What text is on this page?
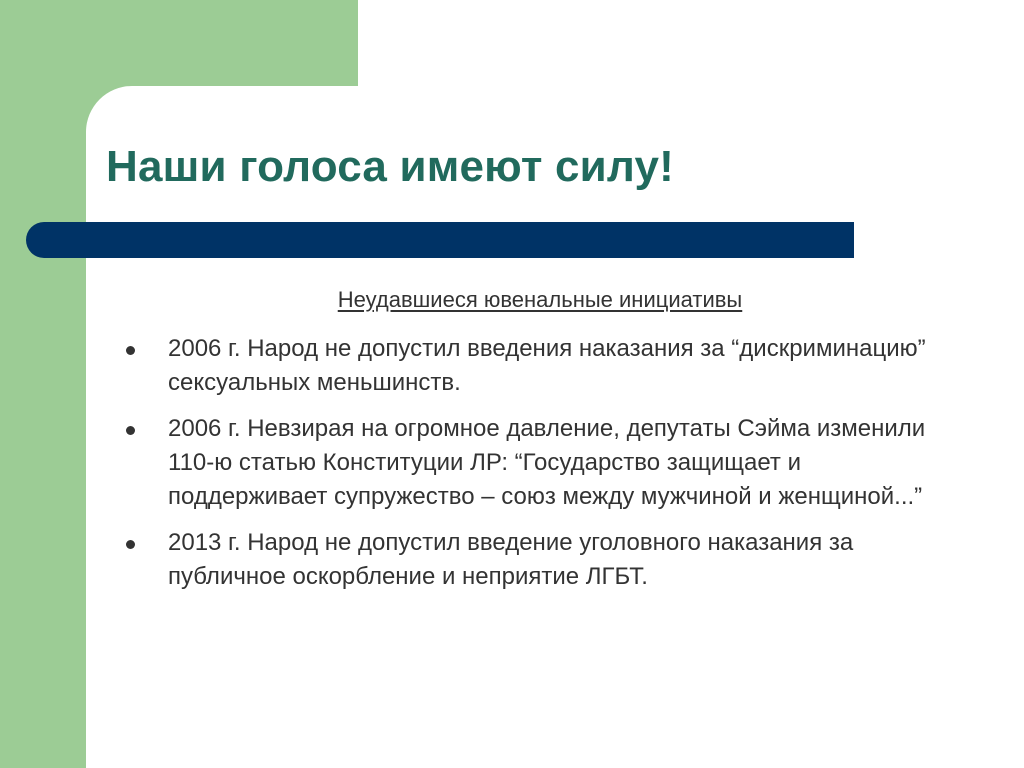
Наши голоса имеют силу!

Неудавшиеся ювенальные инициативы

2006 г. Народ не допустил введения наказания за “дискриминацию” сексуальных меньшинств.
2006 г. Невзирая на огромное давление, депутаты Сэйма изменили 110-ю статью Конституции ЛР: “Государство защищает и поддерживает супружество – союз между мужчиной и женщиной...”
2013 г. Народ не допустил введение уголовного наказания за публичное оскорбление и неприятие ЛГБТ.
